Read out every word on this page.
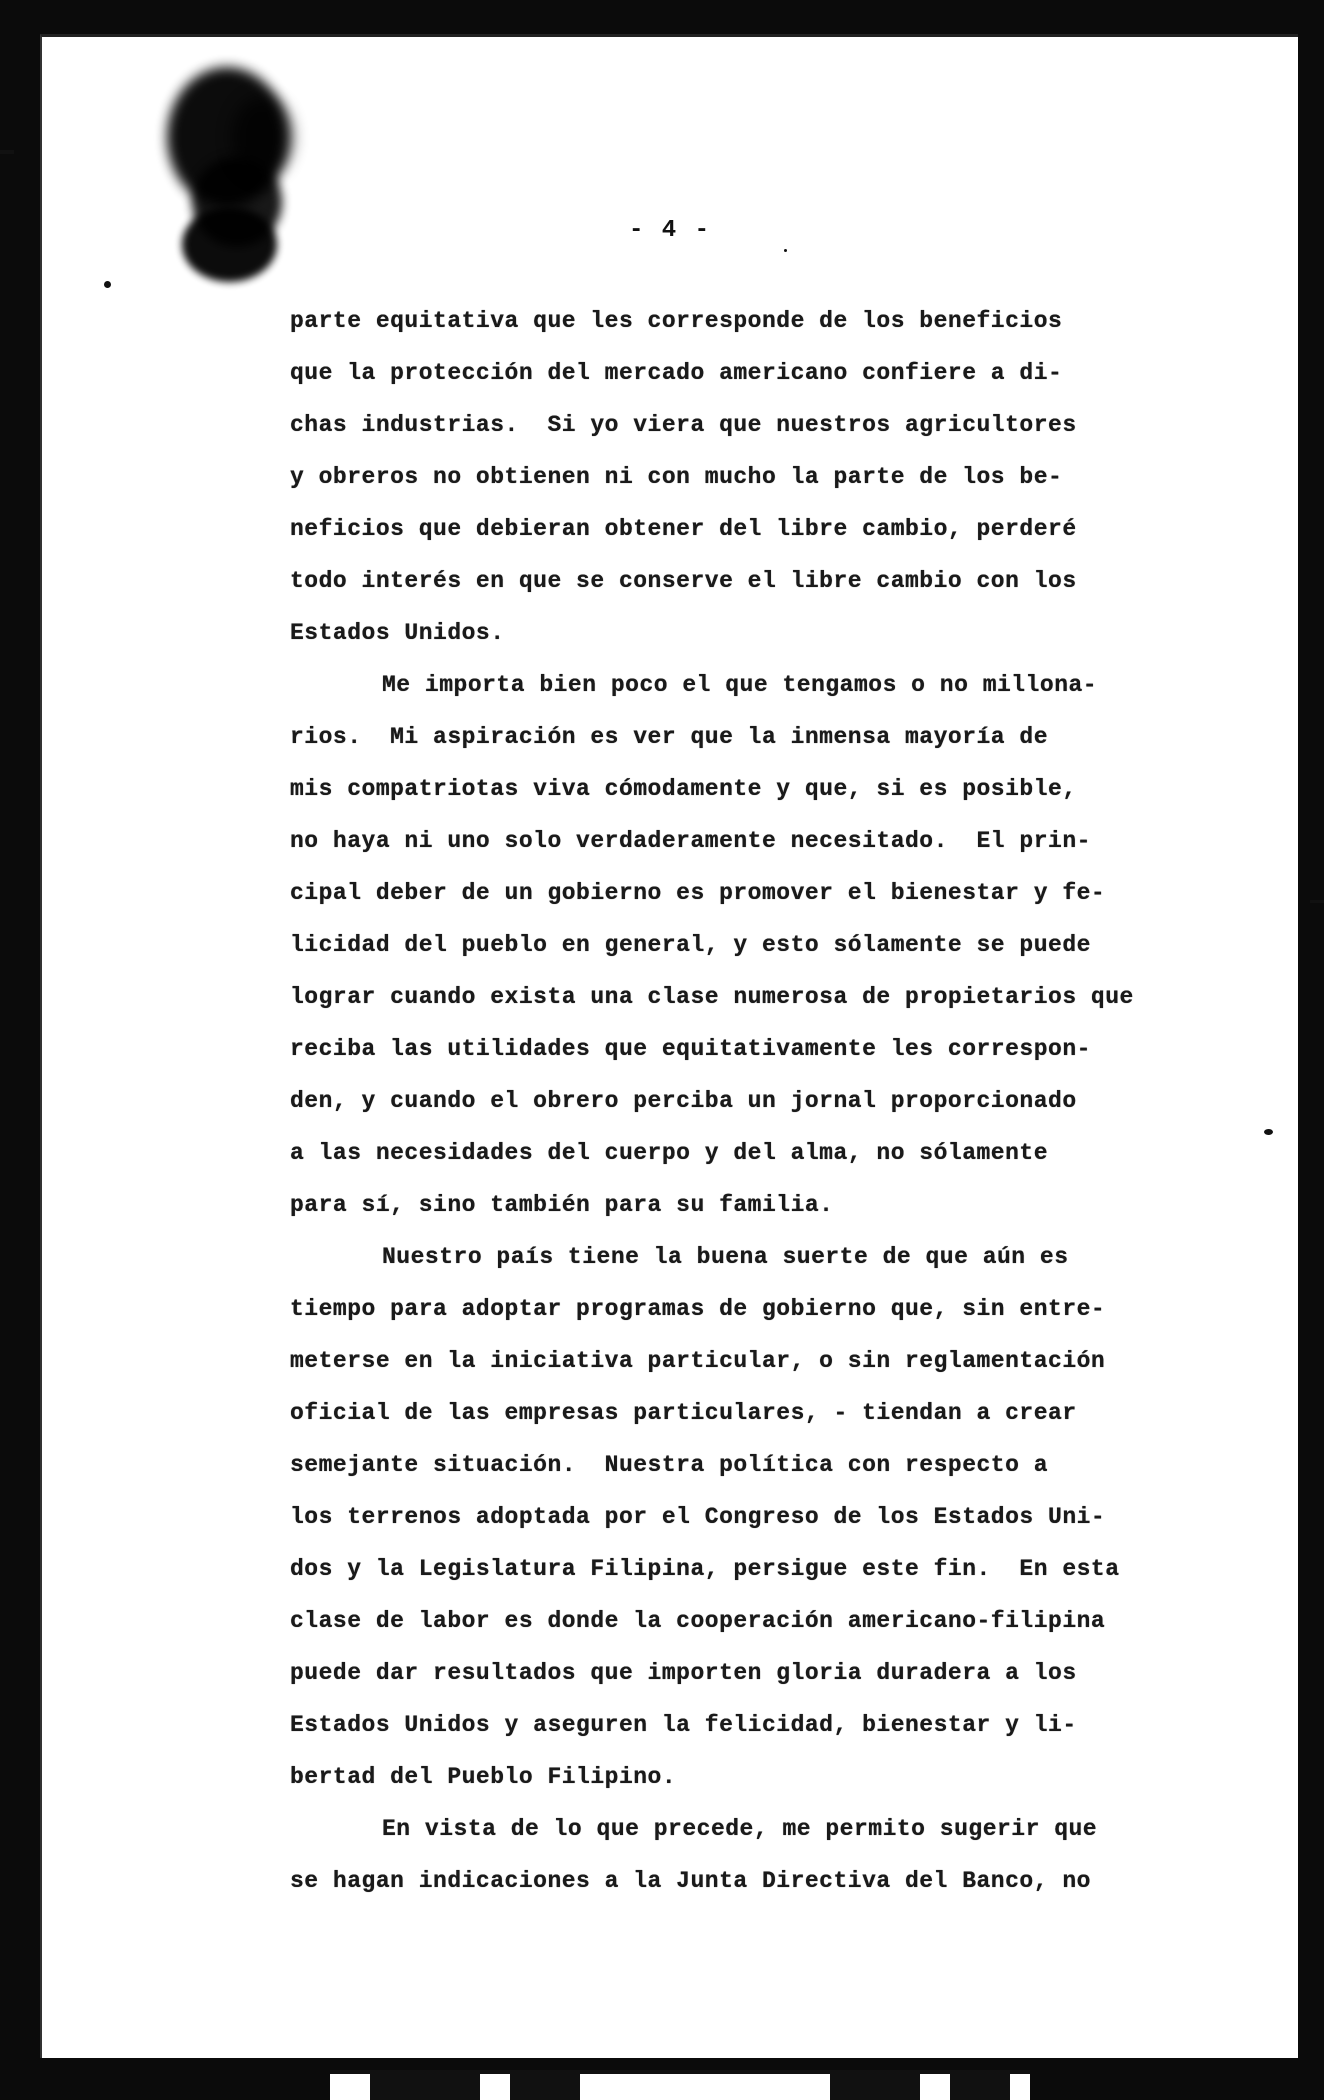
- 4 -
parte equitativa que les corresponde de los beneficios
que la protección del mercado americano confiere a di-
chas industrias.  Si yo viera que nuestros agricultores
y obreros no obtienen ni con mucho la parte de los be-
neficios que debieran obtener del libre cambio, perderé
todo interés en que se conserve el libre cambio con los
Estados Unidos.
Me importa bien poco el que tengamos o no millona-
rios.  Mi aspiración es ver que la inmensa mayoría de
mis compatriotas viva cómodamente y que, si es posible,
no haya ni uno solo verdaderamente necesitado.  El prin-
cipal deber de un gobierno es promover el bienestar y fe-
licidad del pueblo en general, y esto sólamente se puede
lograr cuando exista una clase numerosa de propietarios que
reciba las utilidades que equitativamente les correspon-
den, y cuando el obrero perciba un jornal proporcionado
a las necesidades del cuerpo y del alma, no sólamente
para sí, sino también para su familia.
Nuestro país tiene la buena suerte de que aún es
tiempo para adoptar programas de gobierno que, sin entre-
meterse en la iniciativa particular, o sin reglamentación
oficial de las empresas particulares, - tiendan a crear
semejante situación.  Nuestra política con respecto a
los terrenos adoptada por el Congreso de los Estados Uni-
dos y la Legislatura Filipina, persigue este fin.  En esta
clase de labor es donde la cooperación americano-filipina
puede dar resultados que importen gloria duradera a los
Estados Unidos y aseguren la felicidad, bienestar y li-
bertad del Pueblo Filipino.
En vista de lo que precede, me permito sugerir que
se hagan indicaciones a la Junta Directiva del Banco, no
